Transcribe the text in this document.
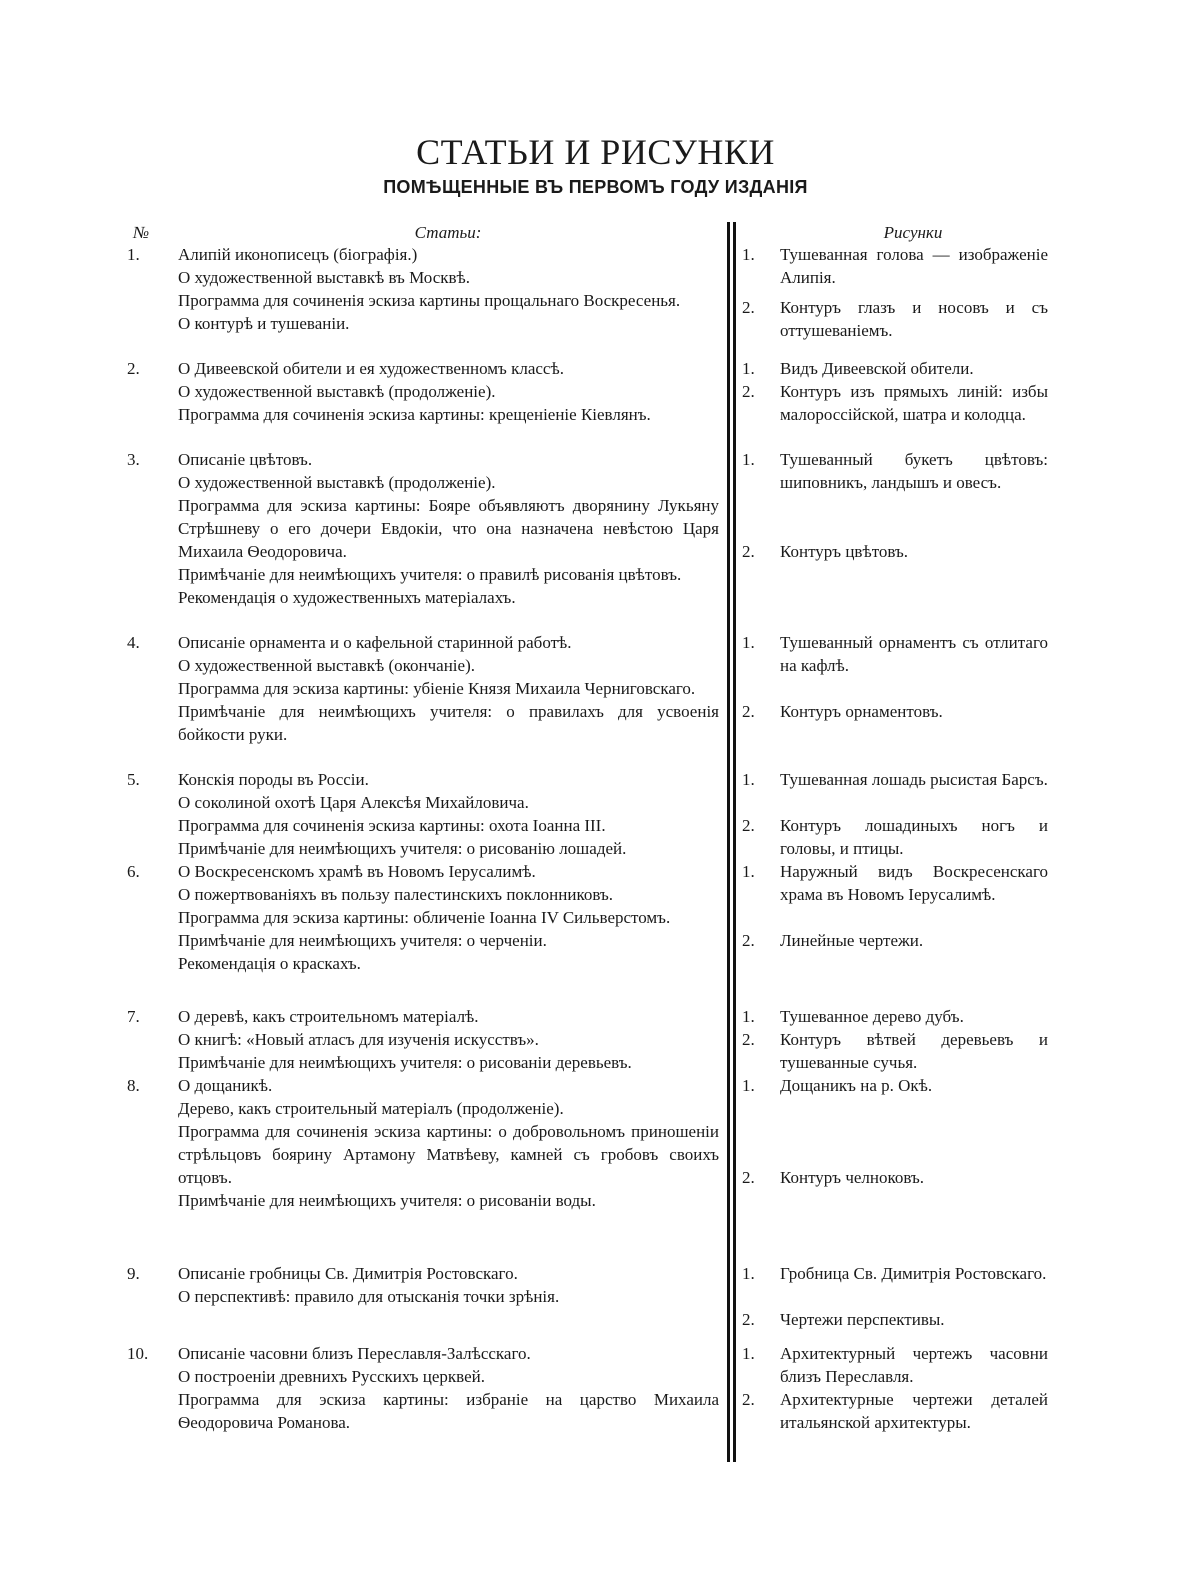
СТАТЬИ И РИСУНКИ
ПОМѢЩЕННЫЕ ВЪ ПЕРВОМЪ ГОДУ ИЗДАНІЯ
№	Статьи:	Рисунки
1. Алипій иконописецъ (біографія.)
О художественной выставкѣ въ Москвѣ.
Программа для сочиненія эскиза картины прощальнаго Воскресенья.
О контурѣ и тушеваніи.
1. Тушеванная голова — изображеніе Алипія.
2. Контуръ глазъ и носовъ и съ оттушеваніемъ.
2. О Дивеевской обители и ея художественномъ классѣ.
О художественной выставкѣ (продолженіе).
Программа для сочиненія эскиза картины: крещеніеніе Кіевлянъ.
1. Видъ Дивеевской обители.
2. Контуръ изъ прямыхъ линій: избы малороссійской, шатра и колодца.
3. Описаніе цвѣтовъ.
О художественной выставкѣ (продолженіе).
Программа для эскиза картины: Бояре объявляютъ дворянину Лукьяну Стрѣшневу о его дочери Евдокіи, что она назначена невѣстою Царя Михаила Ѳеодоровича.
Примѣчаніе для неимѣющихъ учителя: о правилѣ рисованія цвѣтовъ.
Рекомендація о художественныхъ матеріалахъ.
1. Тушеванный букетъ цвѣтовъ: шиповникъ, ландышъ и овесъ.
2. Контуръ цвѣтовъ.
4. Описаніе орнамента и о кафельной старинной работѣ.
О художественной выставкѣ (окончаніе).
Программа для эскиза картины: убіеніе Князя Михаила Черниговскаго.
Примѣчаніе для неимѣющихъ учителя: о правилахъ для усвоенія бойкости руки.
1. Тушеванный орнаментъ съ отлитаго на кафлѣ.
2. Контуръ орнаментовъ.
5. Конскія породы въ Россіи.
О соколиной охотѣ Царя Алексѣя Михайловича.
Программа для сочиненія эскиза картины: охота Іоанна III.
Примѣчаніе для неимѣющихъ учителя: о рисованію лошадей.
1. Тушеванная лошадь рысистая Барсъ.
2. Контуръ лошадиныхъ ногъ и головы, и птицы.
6. О Воскресенскомъ храмѣ въ Новомъ Іерусалимѣ.
О пожертвованіяхъ въ пользу палестинскихъ поклонниковъ.
Программа для эскиза картины: обличеніе Іоанна IV Сильверстомъ.
Примѣчаніе для неимѣющихъ учителя: о черченіи.
Рекомендація о краскахъ.
1. Наружный видъ Воскресенскаго храма въ Новомъ Іерусалимѣ.
2. Линейные чертежи.
7. О деревѣ, какъ строительномъ матеріалѣ.
О книгѣ: «Новый атласъ для изученія искусствъ».
Примѣчаніе для неимѣющихъ учителя: о рисованіи деревьевъ.
1. Тушеванное дерево дубъ.
2. Контуръ вѣтвей деревьевъ и тушеванные сучья.
8. О дощаникѣ.
Дерево, какъ строительный матеріалъ (продолженіе).
Программа для сочиненія эскиза картины: о добровольномъ приношеніи стрѣльцовъ боярину Артамону Матвѣеву, камней съ гробовъ своихъ отцовъ.
Примѣчаніе для неимѣющихъ учителя: о рисованіи воды.
1. Дощаникъ на р. Окѣ.
2. Контуръ челноковъ.
9. Описаніе гробницы Св. Димитрія Ростовскаго.
О перспективѣ: правило для отысканія точки зрѣнія.
1. Гробница Св. Димитрія Ростовскаго.
2. Чертежи перспективы.
10. Описаніе часовни близъ Переславля-Залѣсскаго.
О построеніи древнихъ Русскихъ церквей.
Программа для эскиза картины: избраніе на царство Михаила Ѳеодоровича Романова.
1. Архитектурный чертежъ часовни близъ Переславля.
2. Архитектурные чертежи деталей итальянской архитектуры.
